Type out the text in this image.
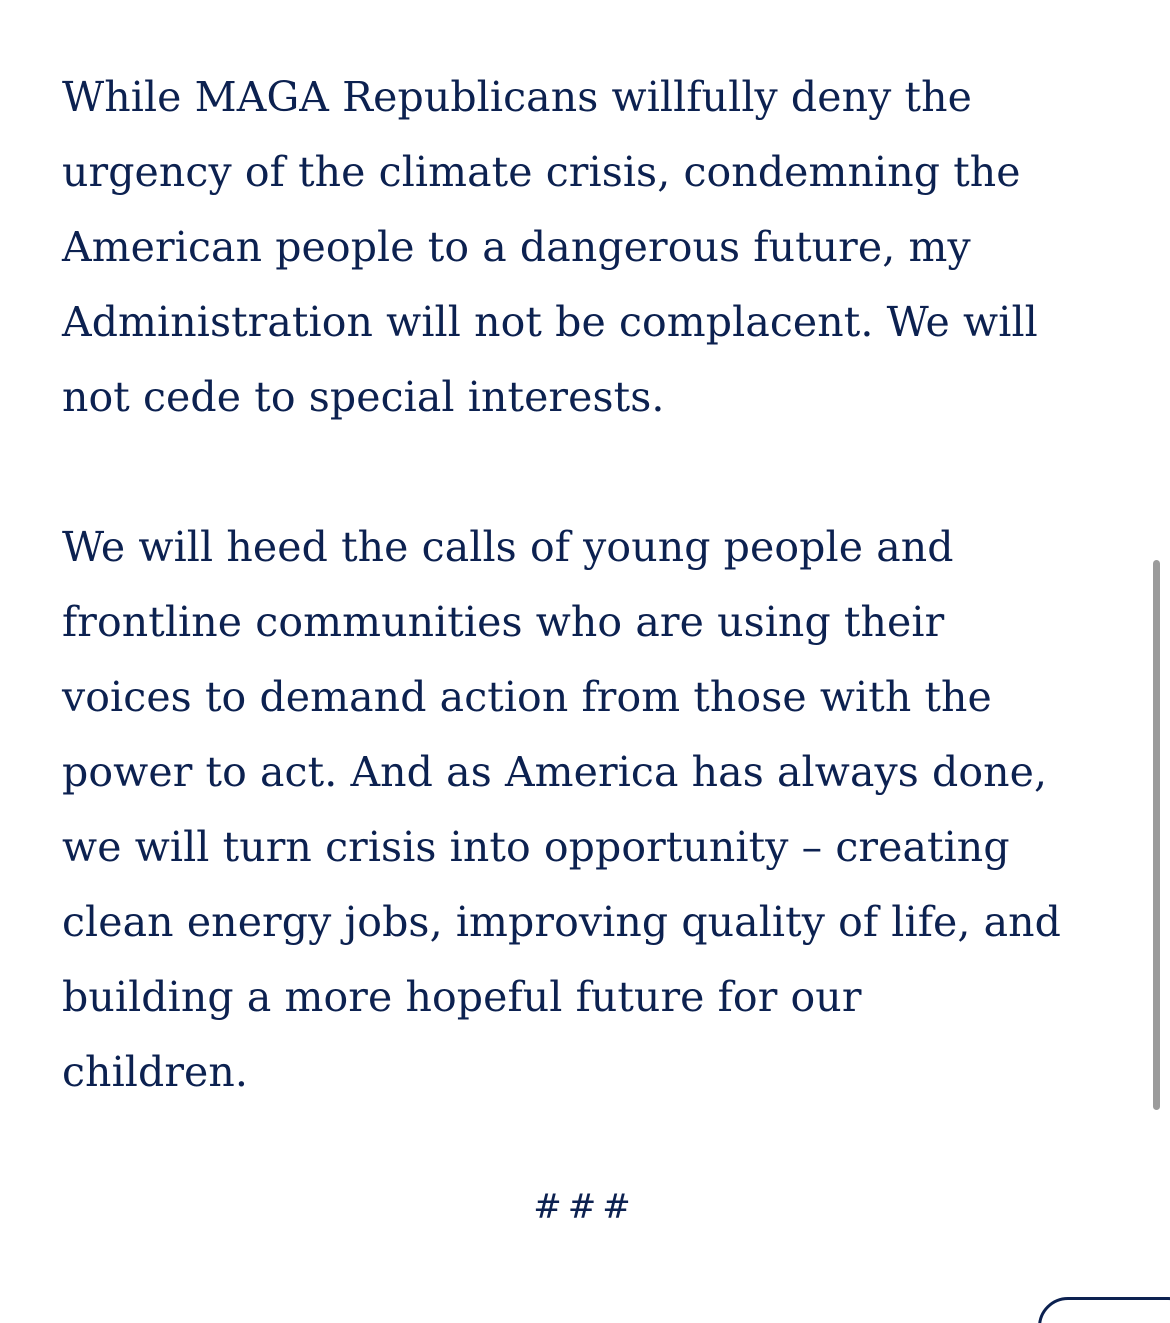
While MAGA Republicans willfully deny the
urgency of the climate crisis, condemning the
American people to a dangerous future, my
Administration will not be complacent. We will
not cede to special interests.

We will heed the calls of young people and
frontline communities who are using their
voices to demand action from those with the
power to act. And as America has always done,
we will turn crisis into opportunity – creating
clean energy jobs, improving quality of life, and
building a more hopeful future for our
children.

###
